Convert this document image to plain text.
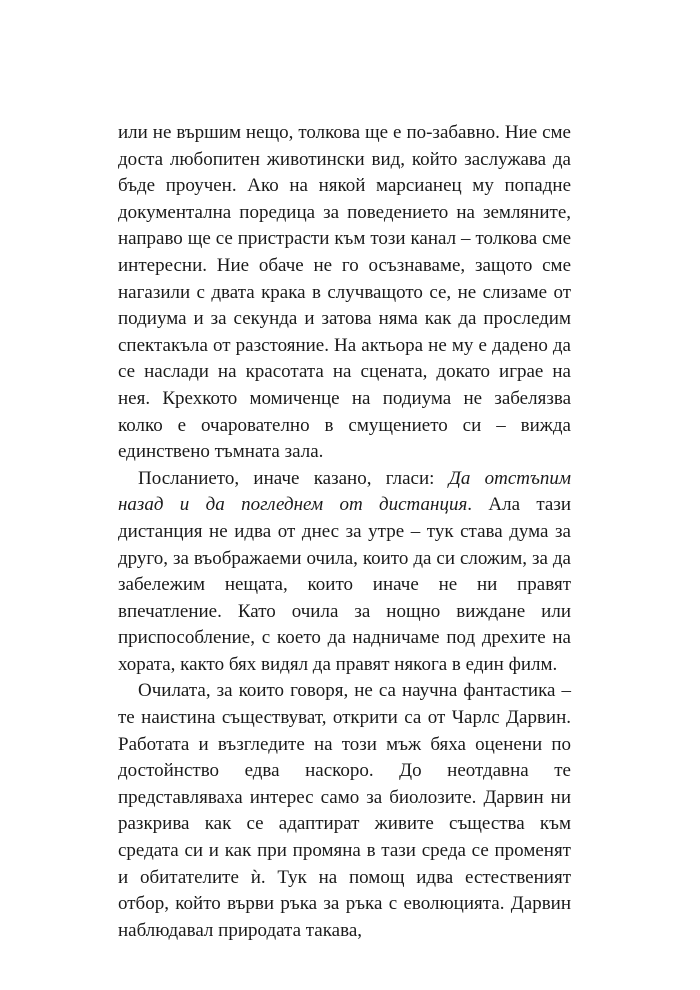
или не вършим нещо, толкова ще е по-забавно. Ние сме доста любопитен животински вид, който заслужава да бъде проучен. Ако на някой марсианец му попадне документална поредица за поведението на земляните, направо ще се пристрасти към този канал – толкова сме интересни. Ние обаче не го осъзнаваме, защото сме нагазили с двата крака в случващото се, не слизаме от подиума и за секунда и затова няма как да проследим спектакъла от разстояние. На актьора не му е дадено да се наслади на красотата на сцената, докато играе на нея. Крехкото момиченце на подиума не забелязва колко е очарователно в смущението си – вижда единствено тъмната зала.

Посланието, иначе казано, гласи: Да отстъпим назад и да погледнем от дистанция. Ала тази дистанция не идва от днес за утре – тук става дума за друго, за въображаеми очила, които да си сложим, за да забележим нещата, които иначе не ни правят впечатление. Като очила за нощно виждане или приспособление, с което да надничаме под дрехите на хората, както бях видял да правят някога в един филм.

Очилата, за които говоря, не са научна фантастика – те наистина съществуват, открити са от Чарлс Дарвин. Работата и възгледите на този мъж бяха оценени по достойнство едва наскоро. До неотдавна те представляваха интерес само за биолозите. Дарвин ни разкрива как се адаптират живите същества към средата си и как при промяна в тази среда се променят и обитателите ѝ. Тук на помощ идва естественият отбор, който върви ръка за ръка с еволюцията. Дарвин наблюдавал природата такава,
